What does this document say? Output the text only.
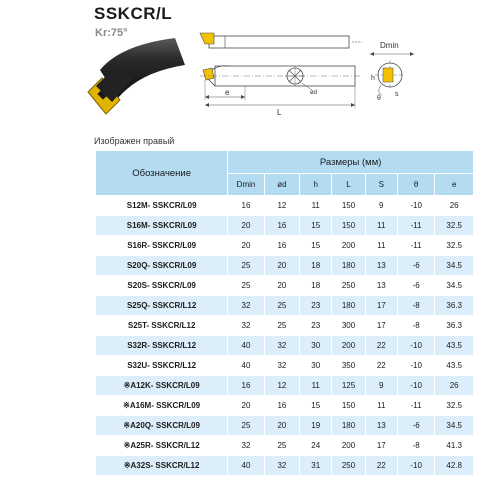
SSKCR/L
Kr:75°
e
L
ød
Dmin
θ
h
s
Изображен правый
Обозначение	Размеры (мм)						
	Dmin	ød	h	L	S	θ	e
S12M- SSKCR/L09	16	12	11	150	9	-10	26
S16M- SSKCR/L09	20	16	15	150	11	-11	32.5
S16R- SSKCR/L09	20	16	15	200	11	-11	32.5
S20Q- SSKCR/L09	25	20	18	180	13	-6	34.5
S20S- SSKCR/L09	25	20	18	250	13	-6	34.5
S25Q- SSKCR/L12	32	25	23	180	17	-8	36.3
S25T- SSKCR/L12	32	25	23	300	17	-8	36.3
S32R- SSKCR/L12	40	32	30	200	22	-10	43.5
S32U- SSKCR/L12	40	32	30	350	22	-10	43.5
※A12K- SSKCR/L09	16	12	11	125	9	-10	26
※A16M- SSKCR/L09	20	16	15	150	11	-11	32.5
※A20Q- SSKCR/L09	25	20	19	180	13	-6	34.5
※A25R- SSKCR/L12	32	25	24	200	17	-8	41.3
※A32S- SSKCR/L12	40	32	31	250	22	-10	42.8
